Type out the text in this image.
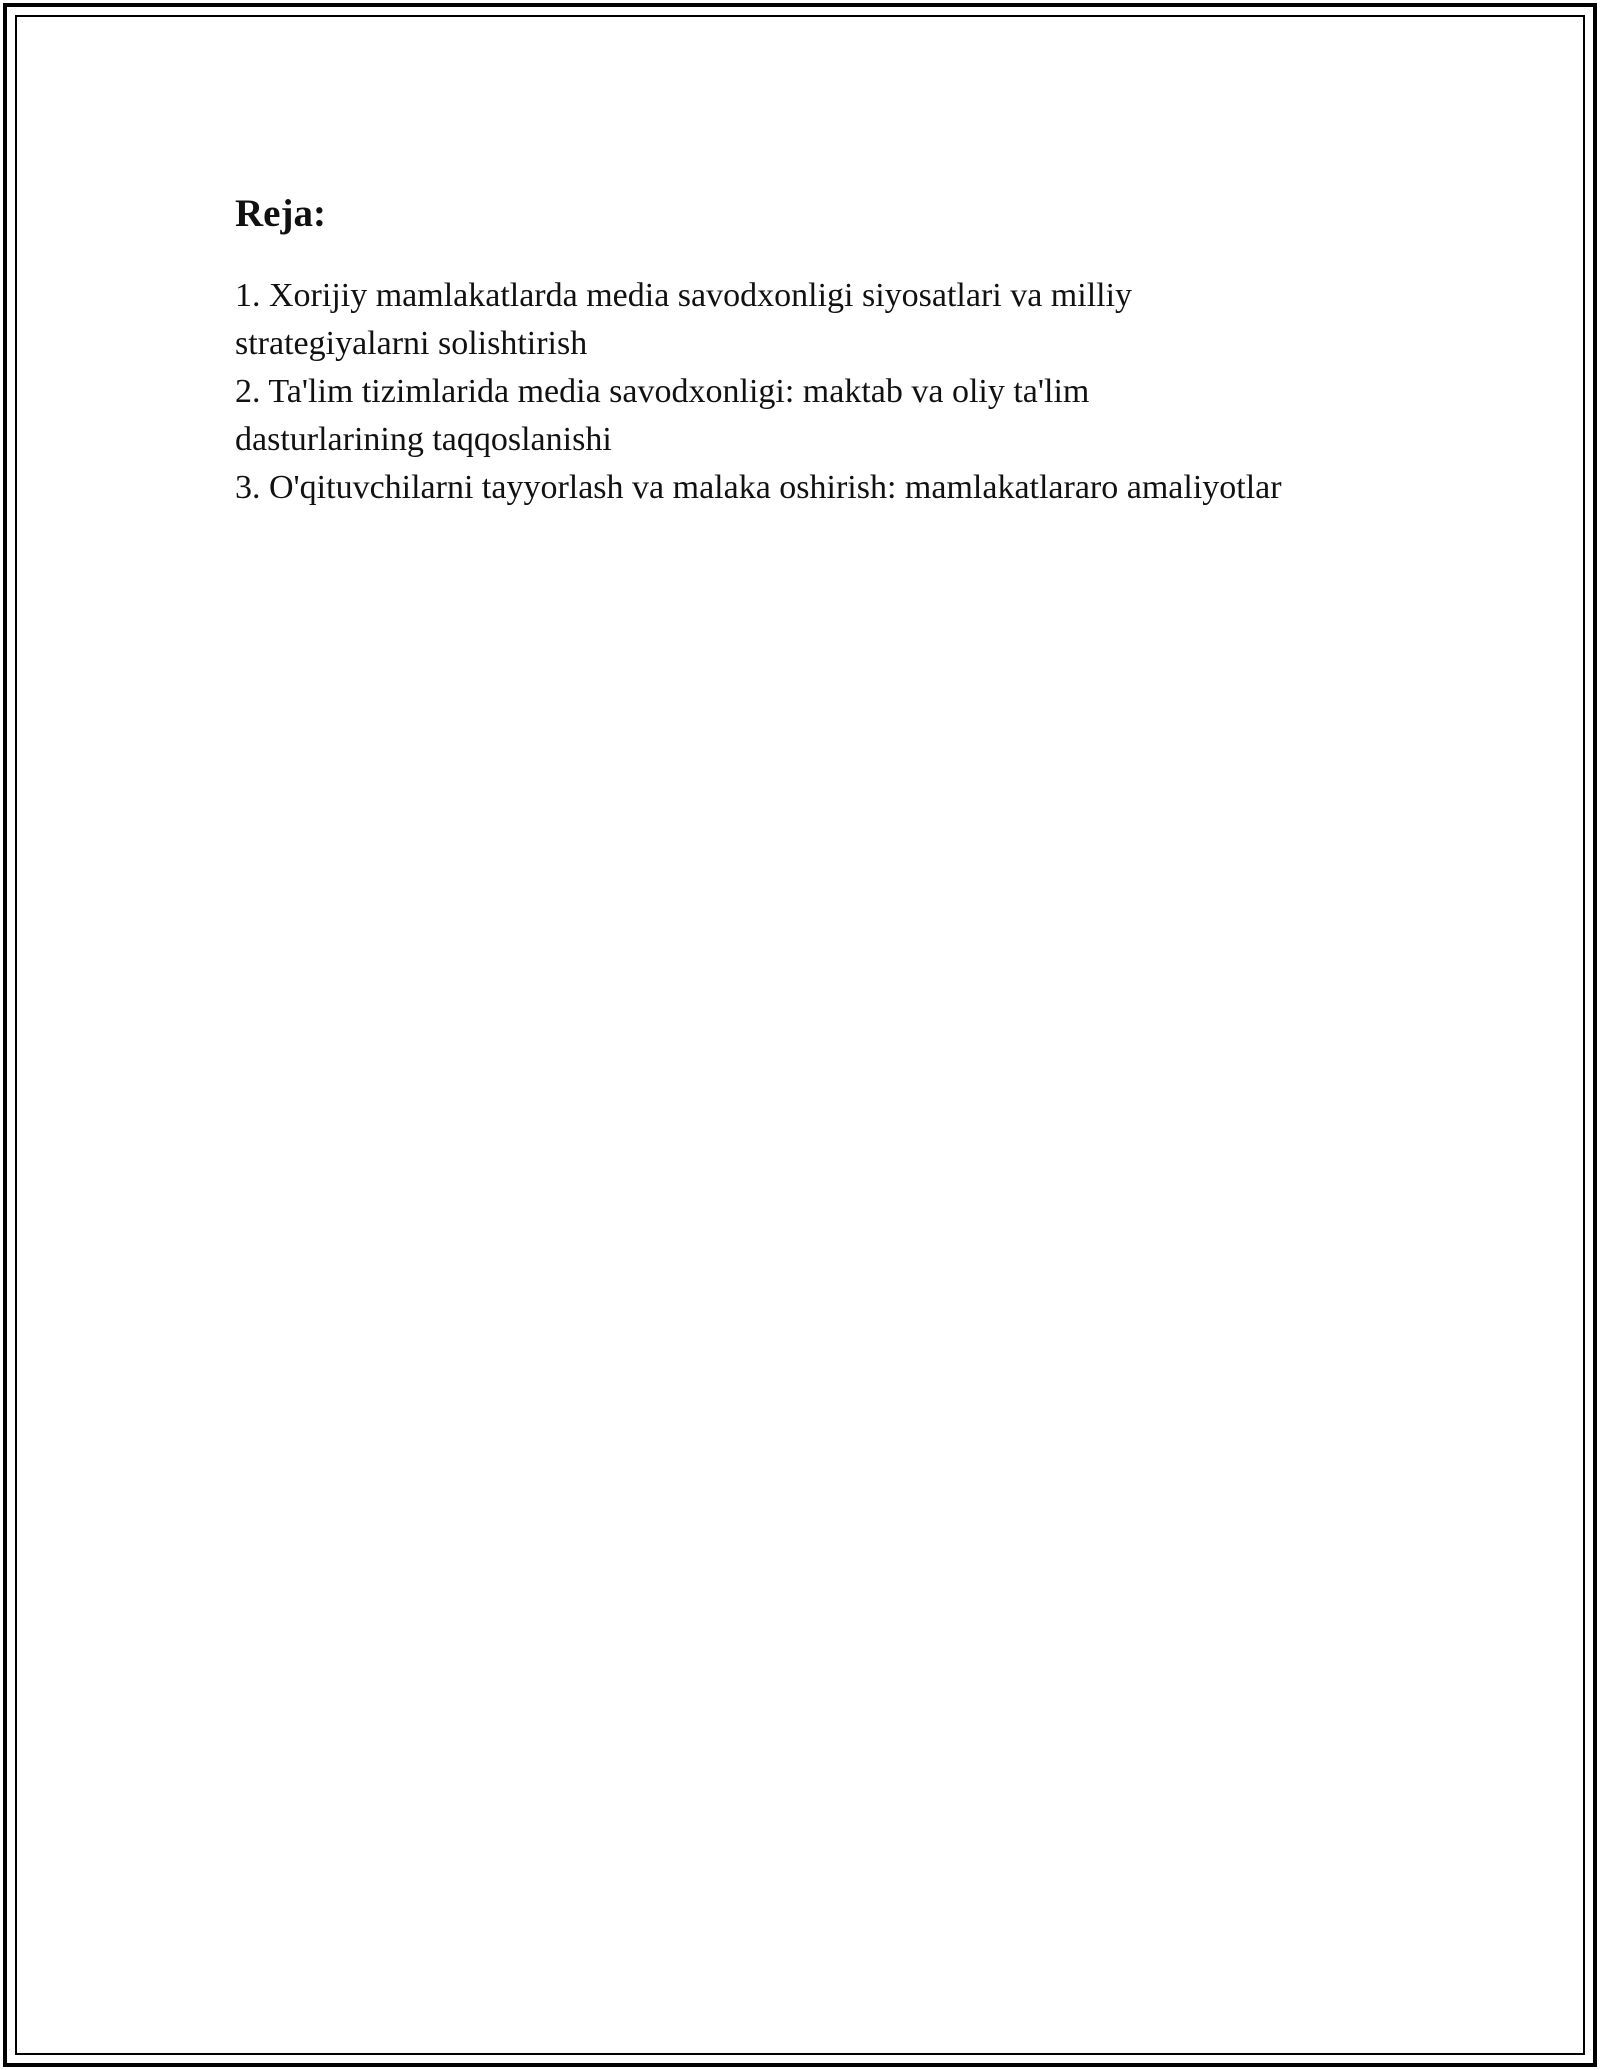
Reja:
1. Xorijiy mamlakatlarda media savodxonligi siyosatlari va milliy
strategiyalarni solishtirish
2. Ta'lim tizimlarida media savodxonligi: maktab va oliy ta'lim
dasturlarining taqqoslanishi
3. O'qituvchilarni tayyorlash va malaka oshirish: mamlakatlararo amaliyotlar
